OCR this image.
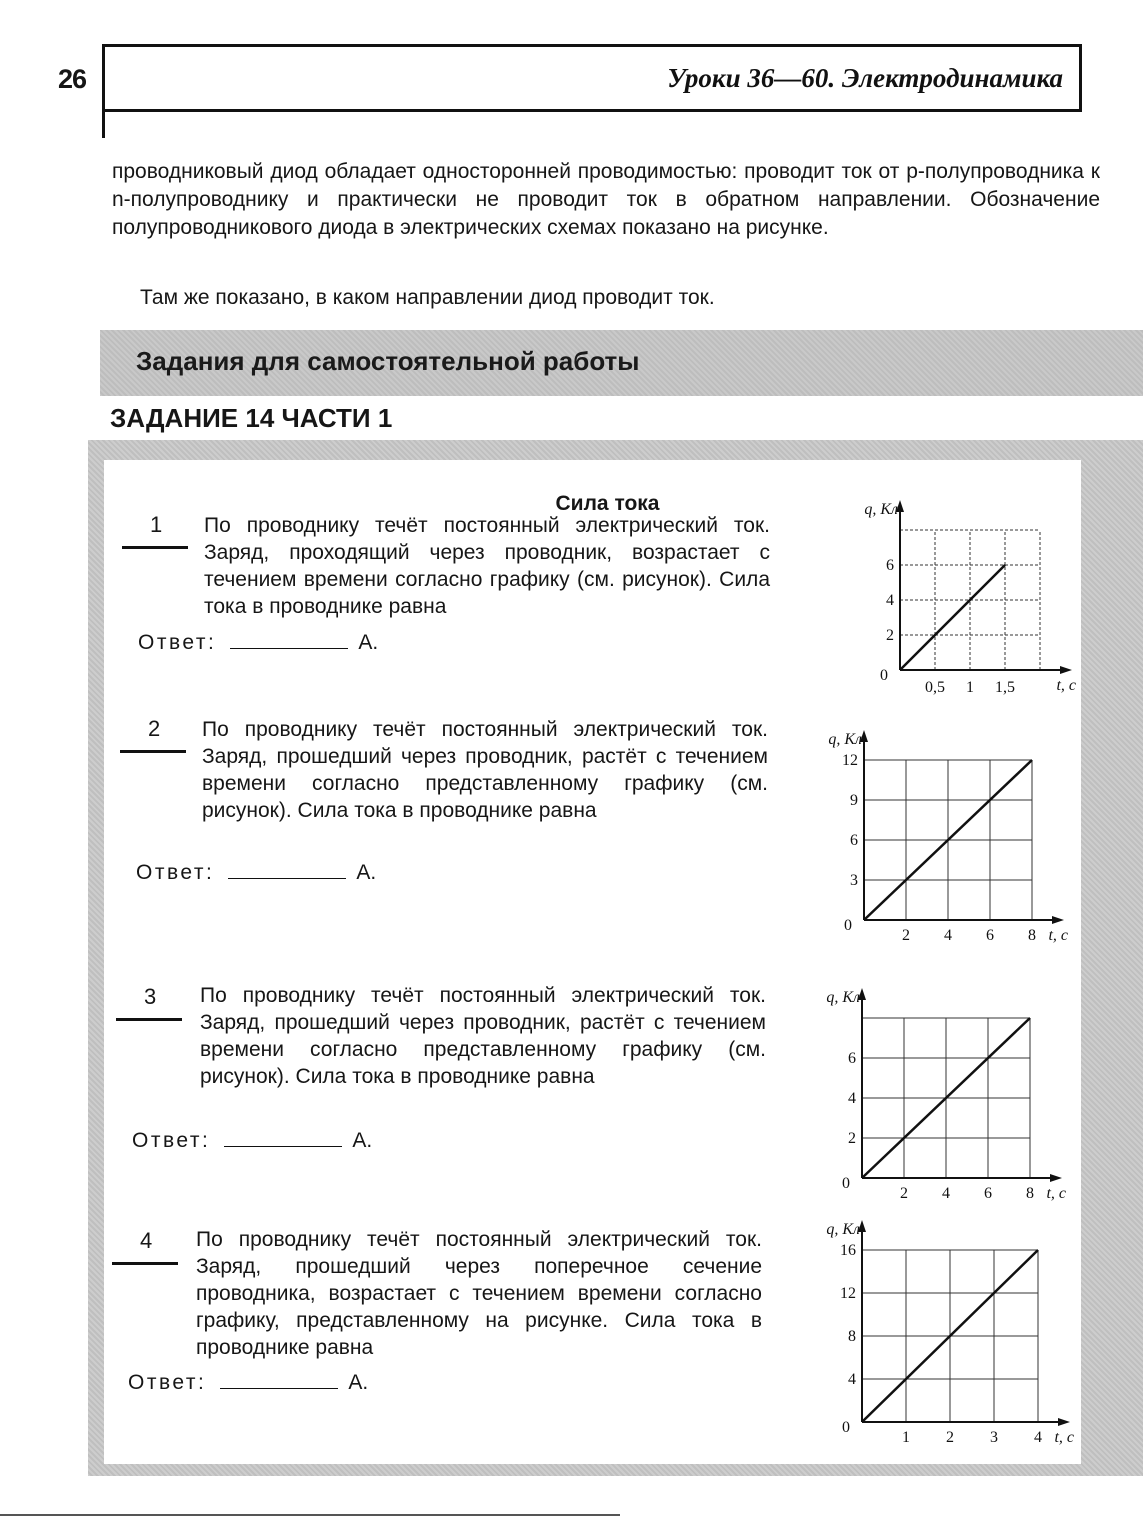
26	Уроки 36—60. Электродинамика

проводниковый диод обладает односторонней проводимостью: проводит ток от p-полупроводника к n-полупроводнику и практически не проводит ток в обратном направлении. Обозначение полупроводникового диода в электрических схемах показано на рисунке.

Там же показано, в каком направлении диод проводит ток.

Задания для самостоятельной работы
ЗАДАНИЕ 14 ЧАСТИ 1
Сила тока
1 По проводнику течёт постоянный электрический ток. Заряд, проходящий через проводник, возрастает с течением времени согласно графику (см. рисунок). Сила тока в проводнике равна

Ответ:	А.
2 По проводнику течёт постоянный электрический ток. Заряд, прошедший через проводник, растёт с течением времени согласно представленному графику (см. рисунок). Сила тока в проводнике равна

Ответ:	А.
3 По проводнику течёт постоянный электрический ток. Заряд, прошедший через проводник, растёт с течением времени согласно представленному графику (см. рисунок). Сила тока в проводнике равна

Ответ:	А.
4 По проводнику течёт постоянный электрический ток. Заряд, прошедший через поперечное сечение проводника, возрастает с течением времени согласно графику, представленному на рисунке. Сила тока в проводнике равна

Ответ:	А.
0
0,5 1 1,5
2
4
6
t, с
q, Кл
0
2 4 6 8
3
6
9
12
t, с
q, Кл
0
2 4 6 8
2
4
6
t, с
q, Кл
0
1 2 3 4
4
8
12
16
t, с
q, Кл
